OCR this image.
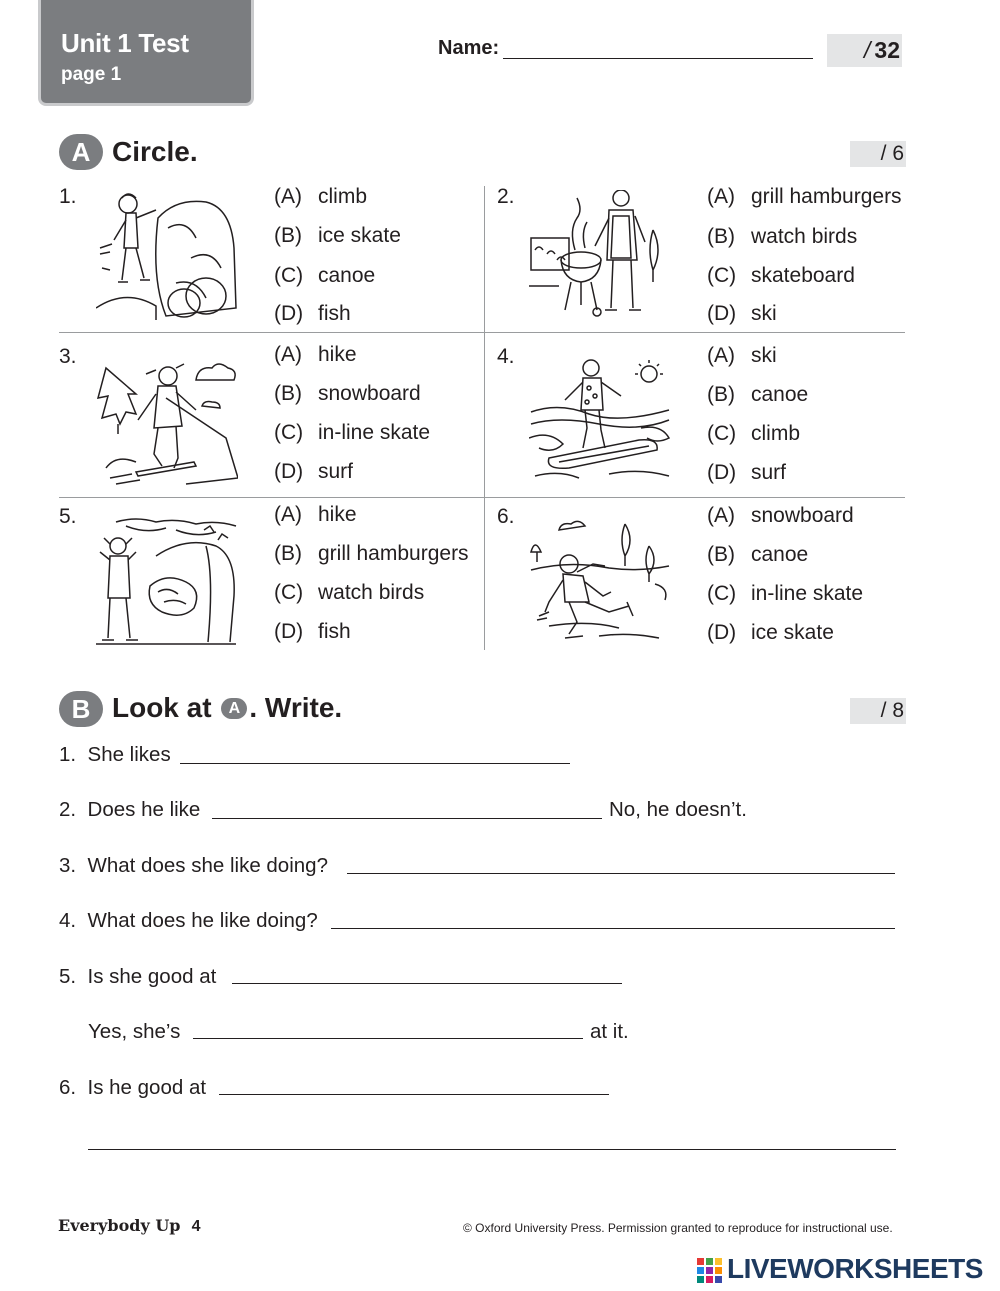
Unit 1 Test
page 1
Name:	/ 32
A Circle.	/ 6
1.	(A) climb
(B) ice skate
(C) canoe
(D) fish
2.	(A) grill hamburgers
(B) watch birds
(C) skateboard
(D) ski
3.	(A) hike
(B) snowboard
(C) in-line skate
(D) surf
4.	(A) ski
(B) canoe
(C) climb
(D) surf
5.	(A) hike
(B) grill hamburgers
(C) watch birds
(D) fish
6.	(A) snowboard
(B) canoe
(C) in-line skate
(D) ice skate
B Look at A . Write.	/ 8
1. She likes
2. Does he like	No, he doesn’t.
3. What does she like doing?
4. What does he like doing?
5. Is she good at
Yes, she’s	at it.
6. Is he good at
Everybody Up 4	© Oxford University Press. Permission granted to reproduce for instructional use.
LIVEWORKSHEETS
